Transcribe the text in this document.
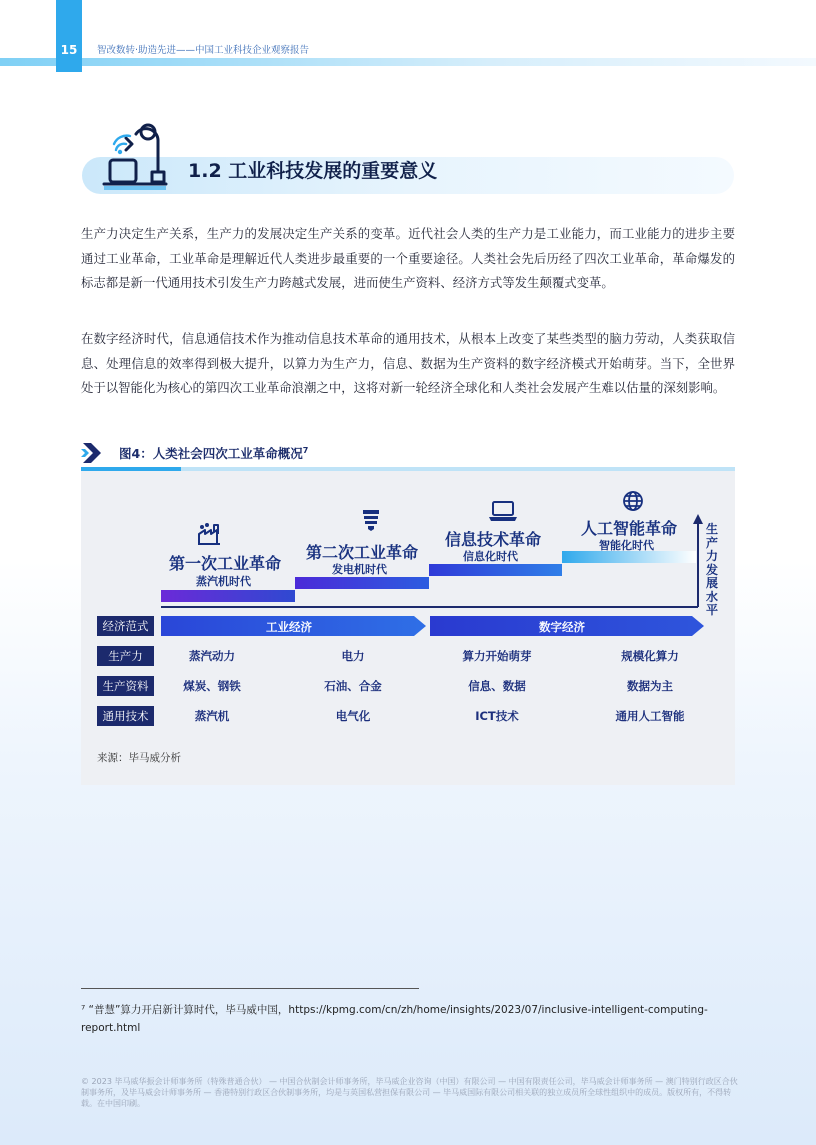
15	智改数转·助造先进——中国工业科技企业观察报告
1.2 工业科技发展的重要意义

生产力决定生产关系，生产力的发展决定生产关系的变革。近代社会人类的生产力是工业能力，而工业能力的进步主要通过工业革命，工业革命是理解近代人类进步最重要的一个重要途径。人类社会先后历经了四次工业革命，革命爆发的标志都是新一代通用技术引发生产力跨越式发展，进而使生产资料、经济方式等发生颠覆式变革。

在数字经济时代，信息通信技术作为推动信息技术革命的通用技术，从根本上改变了某些类型的脑力劳动，人类获取信息、处理信息的效率得到极大提升，以算力为生产力，信息、数据为生产资料的数字经济模式开始萌芽。当下，全世界处于以智能化为核心的第四次工业革命浪潮之中，这将对新一轮经济全球化和人类社会发展产生难以估量的深刻影响。

图4：人类社会四次工业革命概况$^7$
第一次工业革命
蒸汽机时代
第二次工业革命
发电机时代
信息技术革命
信息化时代
人工智能革命
智能化时代
生产力发展水平
经济范式	工业经济	数字经济
生产力	蒸汽动力	电力	算力开始萌芽	规模化算力
生产资料	煤炭、钢铁	石油、合金	信息、数据	数据为主
通用技术	蒸汽机	电气化	ICT技术	通用人工智能
来源：毕马威分析
⁷ “普慧”算力开启新计算时代，毕马威中国，https://kpmg.com/cn/zh/home/insights/2023/07/inclusive-intelligent-computing-report.html
© 2023 毕马威华振会计师事务所（特殊普通合伙） — 中国合伙制会计师事务所，毕马威企业咨询（中国）有限公司 — 中国有限责任公司，毕马威会计师事务所 — 澳门特别行政区合伙制事务所，及毕马威会计师事务所 — 香港特别行政区合伙制事务所，均是与英国私营担保有限公司 — 毕马威国际有限公司相关联的独立成员所全球性组织中的成员。版权所有，不得转载。在中国印刷。
